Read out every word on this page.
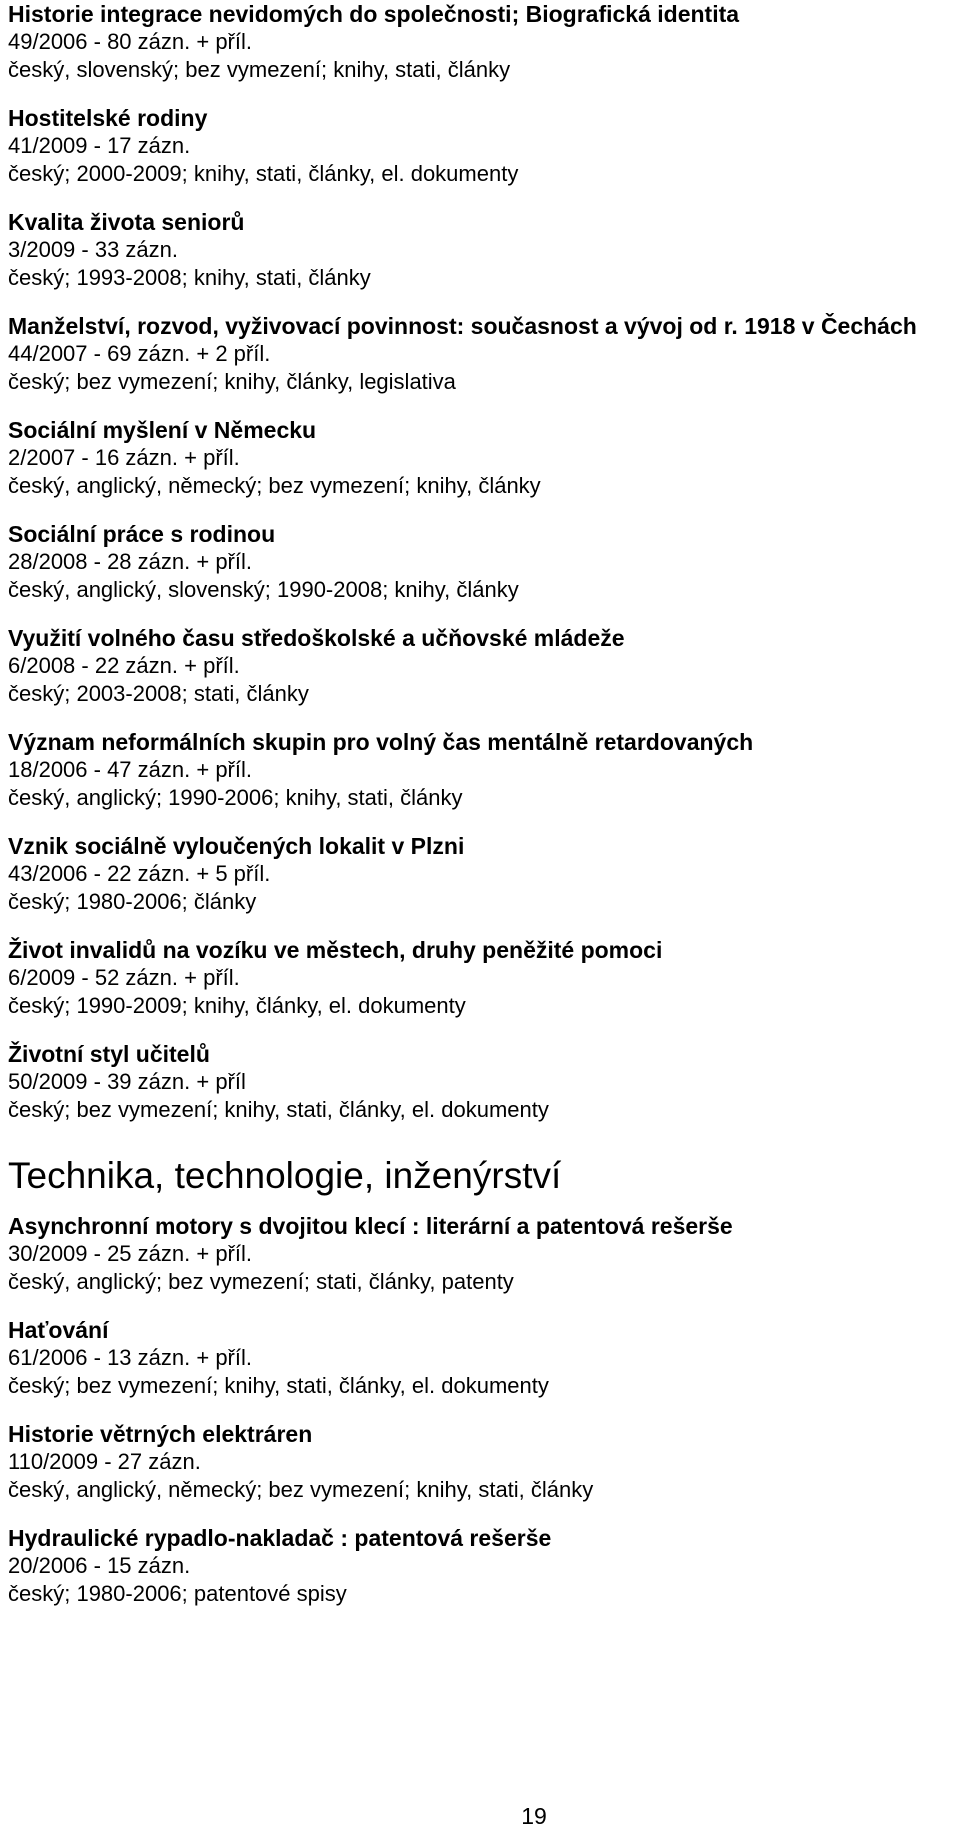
Historie integrace nevidomých do společnosti; Biografická identita

49/2006 - 80 zázn. + příl.

český, slovenský; bez vymezení; knihy, stati, články

Hostitelské rodiny

41/2009 - 17 zázn.

český; 2000-2009; knihy, stati, články, el. dokumenty

Kvalita života seniorů

3/2009 - 33 zázn.

český; 1993-2008; knihy, stati, články

Manželství, rozvod, vyživovací povinnost: současnost a vývoj od r. 1918 v Čechách

44/2007 - 69 zázn. + 2 příl.

český; bez vymezení; knihy, články, legislativa

Sociální myšlení v Německu

2/2007 - 16 zázn. + příl.

český, anglický, německý; bez vymezení; knihy, články

Sociální práce s rodinou

28/2008 - 28 zázn. + příl.

český, anglický, slovenský; 1990-2008; knihy, články

Využití volného času středoškolské a učňovské mládeže

6/2008 - 22 zázn. + příl.

český; 2003-2008; stati, články

Význam neformálních skupin pro volný čas mentálně retardovaných

18/2006 - 47 zázn. + příl.

český, anglický; 1990-2006; knihy, stati, články

Vznik sociálně vyloučených lokalit v Plzni

43/2006 - 22 zázn. + 5 příl.

český; 1980-2006; články

Život invalidů na vozíku ve městech, druhy peněžité pomoci

6/2009 - 52 zázn. + příl.

český; 1990-2009; knihy, články, el. dokumenty

Životní styl učitelů

50/2009 - 39 zázn. + příl

český; bez vymezení; knihy, stati, články, el. dokumenty

Technika, technologie, inženýrství

Asynchronní motory s dvojitou klecí : literární a patentová rešerše

30/2009 - 25 zázn. + příl.

český, anglický; bez vymezení; stati, články, patenty

Haťování

61/2006 - 13 zázn. + příl.

český; bez vymezení; knihy, stati, články, el. dokumenty

Historie větrných elektráren

110/2009 - 27 zázn.

český, anglický, německý; bez vymezení; knihy, stati, články

Hydraulické rypadlo-nakladač : patentová rešerše

20/2006 - 15 zázn.

český; 1980-2006; patentové spisy

19
